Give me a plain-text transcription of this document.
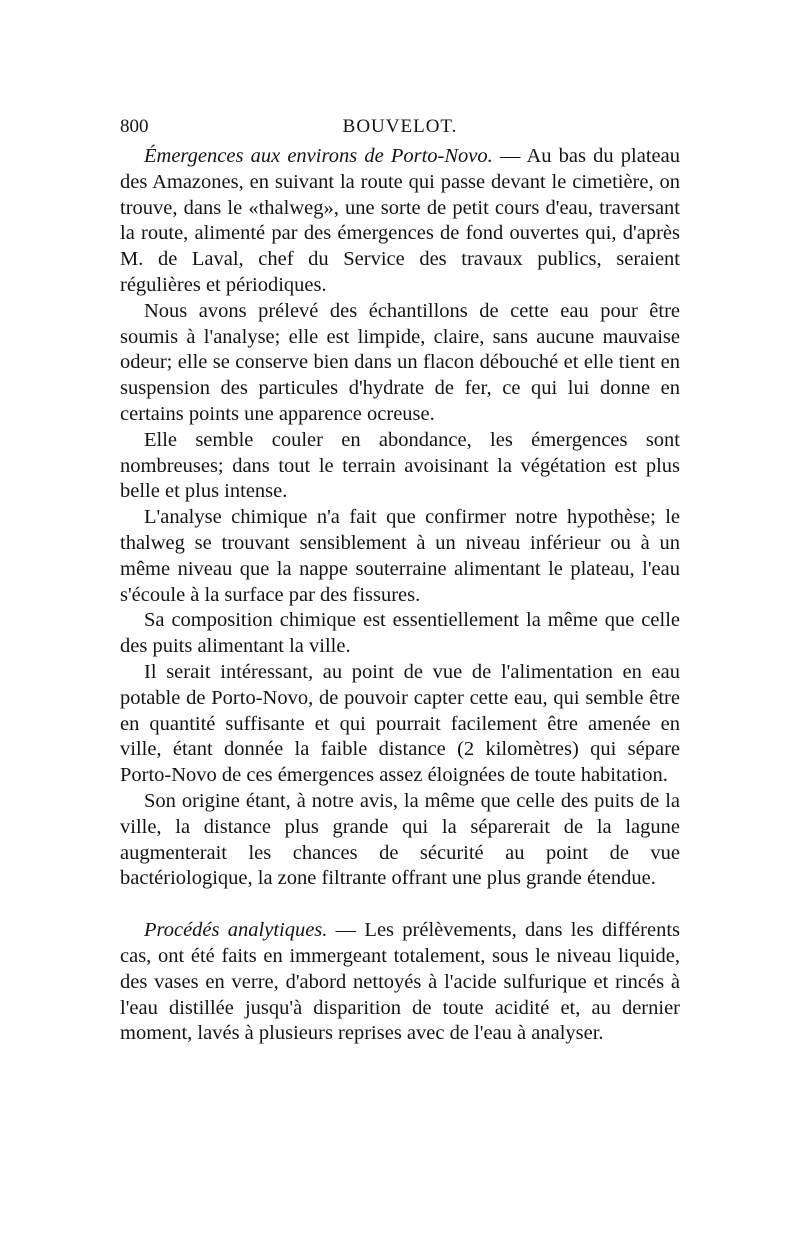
800	BOUVELOT.

Émergences aux environs de Porto-Novo. — Au bas du plateau des Amazones, en suivant la route qui passe devant le cimetière, on trouve, dans le «thalweg», une sorte de petit cours d'eau, traversant la route, alimenté par des émergences de fond ouvertes qui, d'après M. de Laval, chef du Service des travaux publics, seraient régulières et périodiques.

Nous avons prélevé des échantillons de cette eau pour être soumis à l'analyse; elle est limpide, claire, sans aucune mauvaise odeur; elle se conserve bien dans un flacon débouché et elle tient en suspension des particules d'hydrate de fer, ce qui lui donne en certains points une apparence ocreuse.

Elle semble couler en abondance, les émergences sont nombreuses; dans tout le terrain avoisinant la végétation est plus belle et plus intense.

L'analyse chimique n'a fait que confirmer notre hypothèse; le thalweg se trouvant sensiblement à un niveau inférieur ou à un même niveau que la nappe souterraine alimentant le plateau, l'eau s'écoule à la surface par des fissures.

Sa composition chimique est essentiellement la même que celle des puits alimentant la ville.

Il serait intéressant, au point de vue de l'alimentation en eau potable de Porto-Novo, de pouvoir capter cette eau, qui semble être en quantité suffisante et qui pourrait facilement être amenée en ville, étant donnée la faible distance (2 kilomètres) qui sépare Porto-Novo de ces émergences assez éloignées de toute habitation.

Son origine étant, à notre avis, la même que celle des puits de la ville, la distance plus grande qui la séparerait de la lagune augmenterait les chances de sécurité au point de vue bactériologique, la zone filtrante offrant une plus grande étendue.

Procédés analytiques. — Les prélèvements, dans les différents cas, ont été faits en immergeant totalement, sous le niveau liquide, des vases en verre, d'abord nettoyés à l'acide sulfurique et rincés à l'eau distillée jusqu'à disparition de toute acidité et, au dernier moment, lavés à plusieurs reprises avec de l'eau à analyser.
